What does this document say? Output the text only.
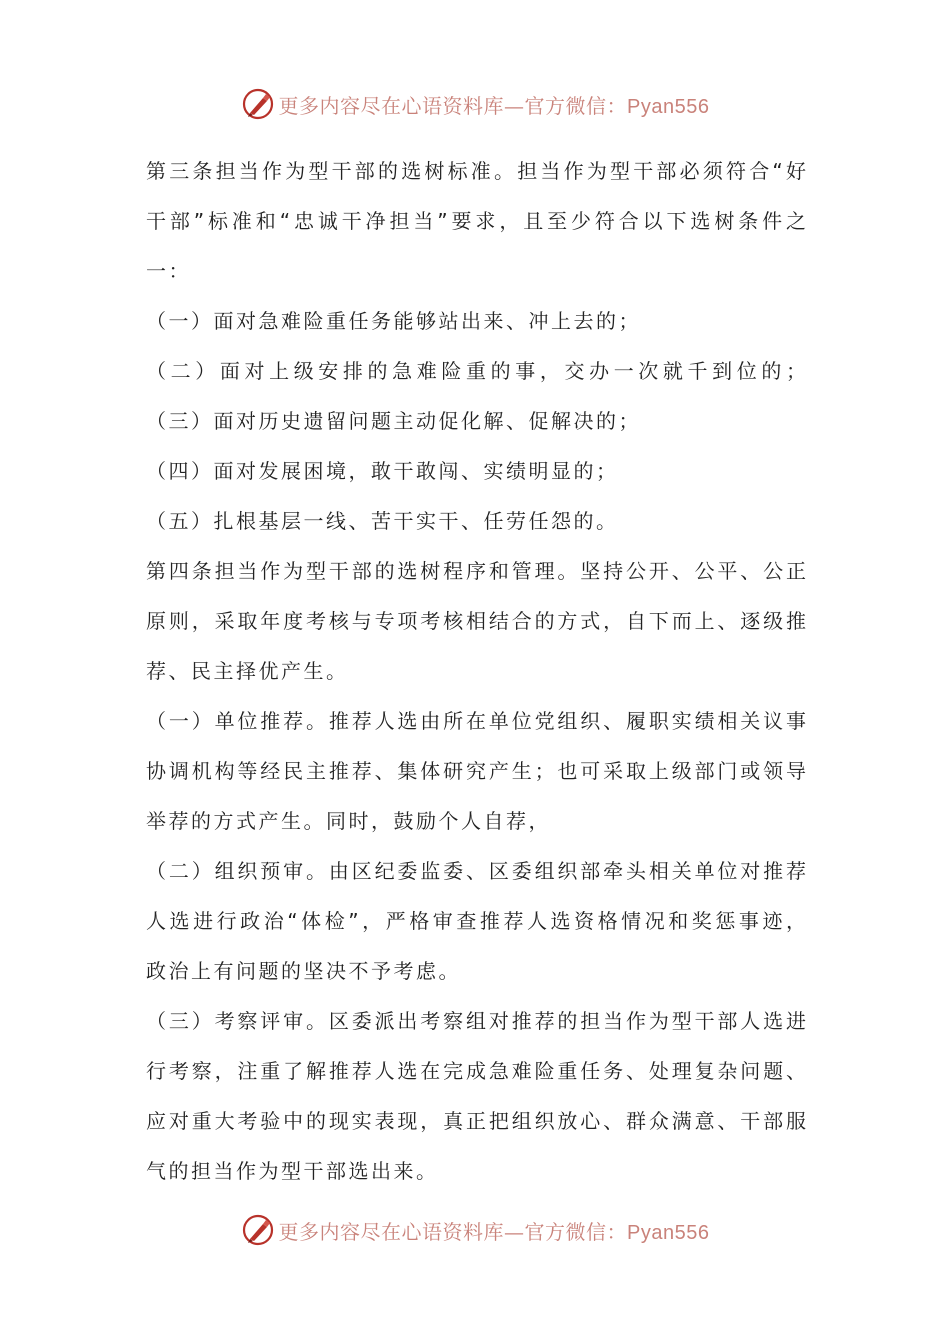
更多内容尽在心语资料库—官方微信：Pyan556
第三条担当作为型干部的选树标准。担当作为型干部必须符合“好
干部”标准和“忠诚干净担当”要求，且至少符合以下选树条件之
一：
（一）面对急难险重任务能够站出来、冲上去的；
（二）面对上级安排的急难险重的事，交办一次就千到位的；
（三）面对历史遗留问题主动促化解、促解决的；
（四）面对发展困境，敢干敢闯、实绩明显的；
（五）扎根基层一线、苦干实干、任劳任怨的。
第四条担当作为型干部的选树程序和管理。坚持公开、公平、公正
原则，采取年度考核与专项考核相结合的方式，自下而上、逐级推
荐、民主择优产生。
（一）单位推荐。推荐人选由所在单位党组织、履职实绩相关议事
协调机构等经民主推荐、集体研究产生；也可采取上级部门或领导
举荐的方式产生。同时，鼓励个人自荐，
（二）组织预审。由区纪委监委、区委组织部牵头相关单位对推荐
人选进行政治“体检”，严格审查推荐人选资格情况和奖惩事迹，
政治上有问题的坚决不予考虑。
（三）考察评审。区委派出考察组对推荐的担当作为型干部人选进
行考察，注重了解推荐人选在完成急难险重任务、处理复杂问题、
应对重大考验中的现实表现，真正把组织放心、群众满意、干部服
气的担当作为型干部选出来。
更多内容尽在心语资料库—官方微信：Pyan556
